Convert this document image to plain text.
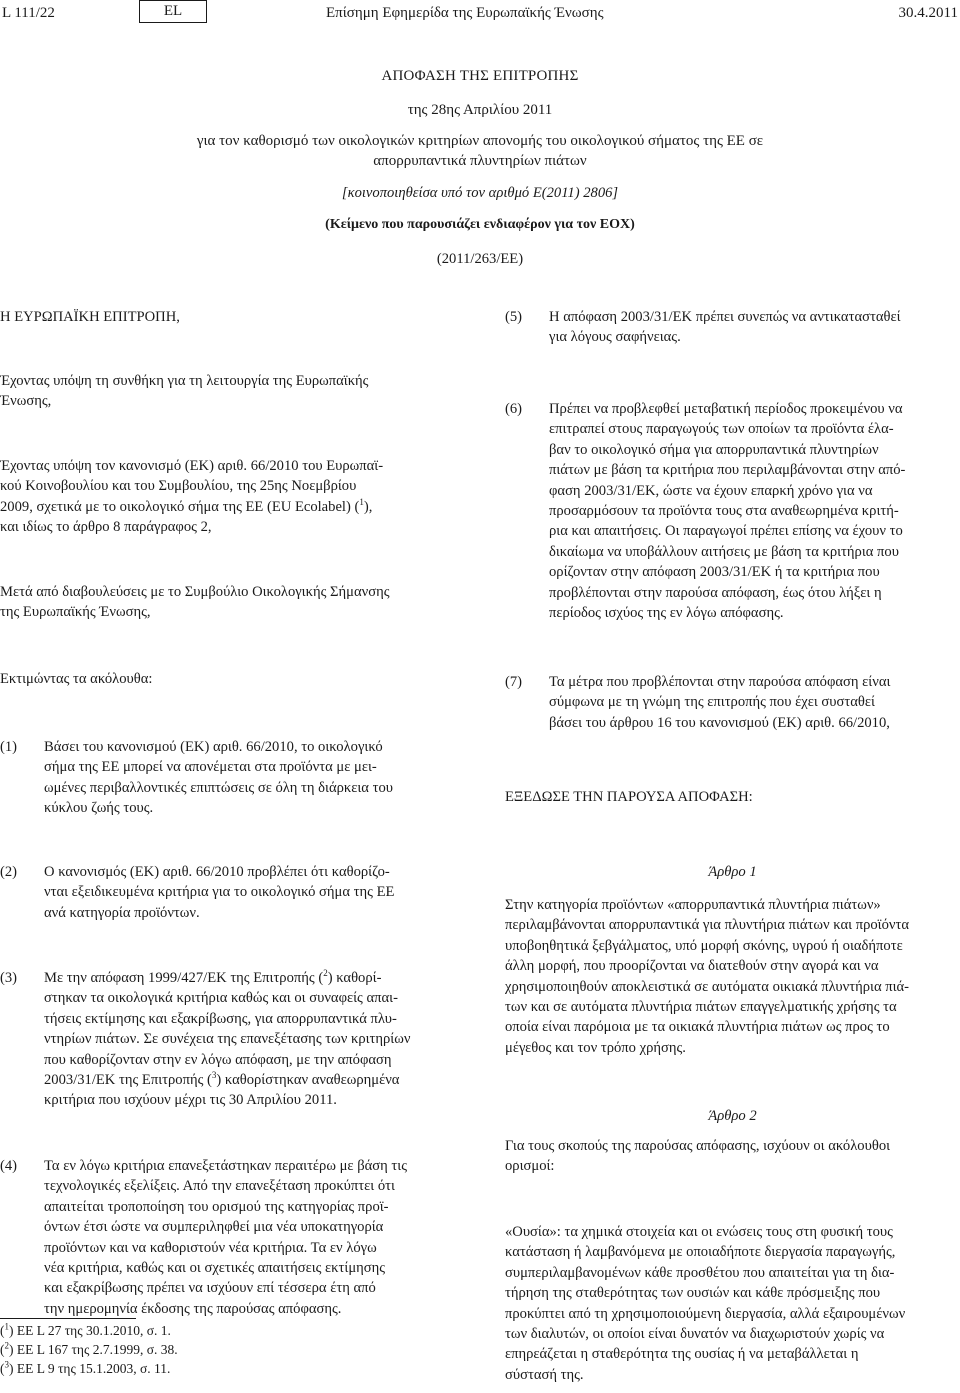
L 111/22	EL	Επίσημη Εφημερίδα της Ευρωπαϊκής Ένωσης	30.4.2011
ΑΠΟΦΑΣΗ ΤΗΣ ΕΠΙΤΡΟΠΗΣ
της 28ης Απριλίου 2011
για τον καθορισμό των οικολογικών κριτηρίων απονομής του οικολογικού σήματος της ΕΕ σε
απορρυπαντικά πλυντηρίων πιάτων
[κοινοποιηθείσα υπό τον αριθμό Ε(2011) 2806]
(Κείμενο που παρουσιάζει ενδιαφέρον για τον ΕΟΧ)
(2011/263/ΕΕ)
Η ΕΥΡΩΠΑΪΚΗ ΕΠΙΤΡΟΠΗ,
Έχοντας υπόψη τη συνθήκη για τη λειτουργία της Ευρωπαϊκής
Ένωσης,
Έχοντας υπόψη τον κανονισμό (ΕΚ) αριθ. 66/2010 του Ευρωπαϊ-
κού Κοινοβουλίου και του Συμβουλίου, της 25ης Νοεμβρίου
2009, σχετικά με το οικολογικό σήμα της ΕΕ (EU Ecolabel) ($^1$),
και ιδίως το άρθρο 8 παράγραφος 2,
Μετά από διαβουλεύσεις με το Συμβούλιο Οικολογικής Σήμανσης
της Ευρωπαϊκής Ένωσης,
Εκτιμώντας τα ακόλουθα:
(1) Βάσει του κανονισμού (ΕΚ) αριθ. 66/2010, το οικολογικό
σήμα της ΕΕ μπορεί να απονέμεται στα προϊόντα με μει-
ωμένες περιβαλλοντικές επιπτώσεις σε όλη τη διάρκεια του
κύκλου ζωής τους.
(2) Ο κανονισμός (ΕΚ) αριθ. 66/2010 προβλέπει ότι καθορίζο-
νται εξειδικευμένα κριτήρια για το οικολογικό σήμα της ΕΕ
ανά κατηγορία προϊόντων.
(3) Με την απόφαση 1999/427/ΕΚ της Επιτροπής ($^2$) καθορί-
στηκαν τα οικολογικά κριτήρια καθώς και οι συναφείς απαι-
τήσεις εκτίμησης και εξακρίβωσης, για απορρυπαντικά πλυ-
ντηρίων πιάτων. Σε συνέχεια της επανεξέτασης των κριτηρίων
που καθορίζονταν στην εν λόγω απόφαση, με την απόφαση
2003/31/ΕΚ της Επιτροπής ($^3$) καθορίστηκαν αναθεωρημένα
κριτήρια που ισχύουν μέχρι τις 30 Απριλίου 2011.
(4) Τα εν λόγω κριτήρια επανεξετάστηκαν περαιτέρω με βάση τις
τεχνολογικές εξελίξεις. Από την επανεξέταση προκύπτει ότι
απαιτείται τροποποίηση του ορισμού της κατηγορίας προϊ-
όντων έτσι ώστε να συμπεριληφθεί μια νέα υποκατηγορία
προϊόντων και να καθοριστούν νέα κριτήρια. Τα εν λόγω
νέα κριτήρια, καθώς και οι σχετικές απαιτήσεις εκτίμησης
και εξακρίβωσης πρέπει να ισχύουν επί τέσσερα έτη από
την ημερομηνία έκδοσης της παρούσας απόφασης.
($^1$) ΕΕ L 27 της 30.1.2010, σ. 1.
($^2$) ΕΕ L 167 της 2.7.1999, σ. 38.
($^3$) ΕΕ L 9 της 15.1.2003, σ. 11.
(5) Η απόφαση 2003/31/ΕΚ πρέπει συνεπώς να αντικατασταθεί
για λόγους σαφήνειας.
(6) Πρέπει να προβλεφθεί μεταβατική περίοδος προκειμένου να
επιτραπεί στους παραγωγούς των οποίων τα προϊόντα έλα-
βαν το οικολογικό σήμα για απορρυπαντικά πλυντηρίων
πιάτων με βάση τα κριτήρια που περιλαμβάνονται στην από-
φαση 2003/31/ΕΚ, ώστε να έχουν επαρκή χρόνο για να
προσαρμόσουν τα προϊόντα τους στα αναθεωρημένα κριτή-
ρια και απαιτήσεις. Οι παραγωγοί πρέπει επίσης να έχουν το
δικαίωμα να υποβάλλουν αιτήσεις με βάση τα κριτήρια που
ορίζονταν στην απόφαση 2003/31/ΕΚ ή τα κριτήρια που
προβλέπονται στην παρούσα απόφαση, έως ότου λήξει η
περίοδος ισχύος της εν λόγω απόφασης.
(7) Τα μέτρα που προβλέπονται στην παρούσα απόφαση είναι
σύμφωνα με τη γνώμη της επιτροπής που έχει συσταθεί
βάσει του άρθρου 16 του κανονισμού (ΕΚ) αριθ. 66/2010,
ΕΞΕΔΩΣΕ ΤΗΝ ΠΑΡΟΥΣΑ ΑΠΟΦΑΣΗ:
Άρθρο 1
Στην κατηγορία προϊόντων «απορρυπαντικά πλυντήρια πιάτων»
περιλαμβάνονται απορρυπαντικά για πλυντήρια πιάτων και προϊόντα
υποβοηθητικά ξεβγάλματος, υπό μορφή σκόνης, υγρού ή οιαδήποτε
άλλη μορφή, που προορίζονται να διατεθούν στην αγορά και να
χρησιμοποιηθούν αποκλειστικά σε αυτόματα οικιακά πλυντήρια πιά-
των και σε αυτόματα πλυντήρια πιάτων επαγγελματικής χρήσης τα
οποία είναι παρόμοια με τα οικιακά πλυντήρια πιάτων ως προς το
μέγεθος και τον τρόπο χρήσης.
Άρθρο 2
Για τους σκοπούς της παρούσας απόφασης, ισχύουν οι ακόλουθοι
ορισμοί:
«Ουσία»: τα χημικά στοιχεία και οι ενώσεις τους στη φυσική τους
κατάσταση ή λαμβανόμενα με οποιαδήποτε διεργασία παραγωγής,
συμπεριλαμβανομένων κάθε προσθέτου που απαιτείται για τη δια-
τήρηση της σταθερότητας των ουσιών και κάθε πρόσμειξης που
προκύπτει από τη χρησιμοποιούμενη διεργασία, αλλά εξαιρουμένων
των διαλυτών, οι οποίοι είναι δυνατόν να διαχωριστούν χωρίς να
επηρεάζεται η σταθερότητα της ουσίας ή να μεταβάλλεται η
σύστασή της.
